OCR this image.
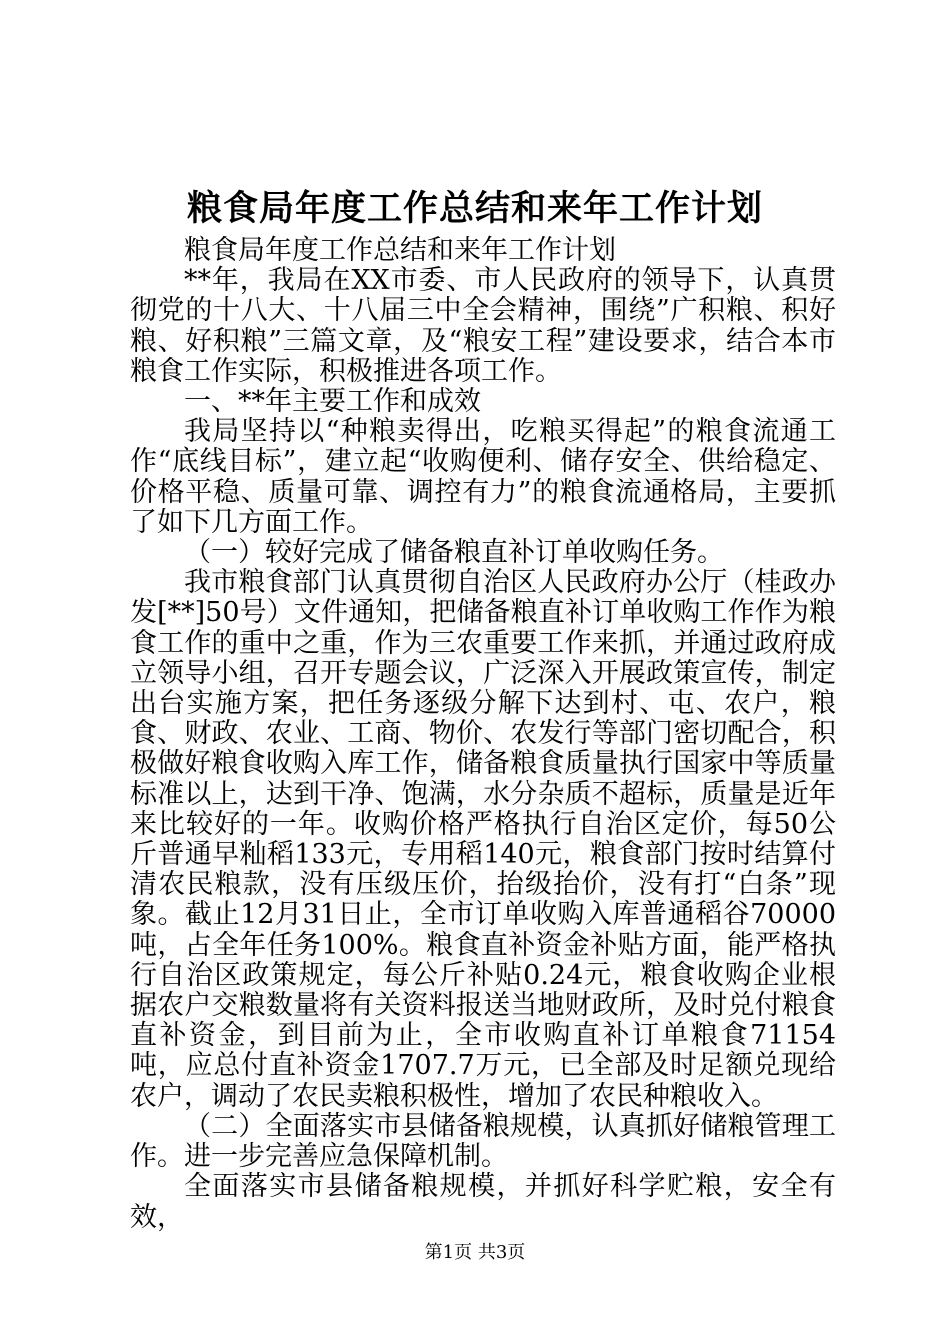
粮食局年度工作总结和来年工作计划

粮食局年度工作总结和来年工作计划

**年，我局在XX市委、市人民政府的领导下，认真贯彻党的十八大、十八届三中全会精神，围绕”广积粮、积好粮、好积粮”三篇文章，及“粮安工程”建设要求，结合本市粮食工作实际，积极推进各项工作。

一、**年主要工作和成效

我局坚持以“种粮卖得出，吃粮买得起”的粮食流通工作“底线目标”，建立起“收购便利、储存安全、供给稳定、价格平稳、质量可靠、调控有力”的粮食流通格局，主要抓了如下几方面工作。

（一）较好完成了储备粮直补订单收购任务。

我市粮食部门认真贯彻自治区人民政府办公厅（桂政办发[**]50号）文件通知，把储备粮直补订单收购工作作为粮食工作的重中之重，作为三农重要工作来抓，并通过政府成立领导小组，召开专题会议，广泛深入开展政策宣传，制定出台实施方案，把任务逐级分解下达到村、屯、农户，粮食、财政、农业、工商、物价、农发行等部门密切配合，积极做好粮食收购入库工作，储备粮食质量执行国家中等质量标准以上，达到干净、饱满，水分杂质不超标，质量是近年来比较好的一年。收购价格严格执行自治区定价，每50公斤普通早籼稻133元，专用稻140元，粮食部门按时结算付清农民粮款，没有压级压价，抬级抬价，没有打“白条”现象。截止12月31日止，全市订单收购入库普通稻谷70000吨，占全年任务100%。粮食直补资金补贴方面，能严格执行自治区政策规定，每公斤补贴0.24元，粮食收购企业根据农户交粮数量将有关资料报送当地财政所，及时兑付粮食直补资金，到目前为止，全市收购直补订单粮食71154吨，应总付直补资金1707.7万元，已全部及时足额兑现给农户，调动了农民卖粮积极性，增加了农民种粮收入。

（二）全面落实市县储备粮规模，认真抓好储粮管理工作。进一步完善应急保障机制。

全面落实市县储备粮规模，并抓好科学贮粮，安全有效，

第1页 共3页
